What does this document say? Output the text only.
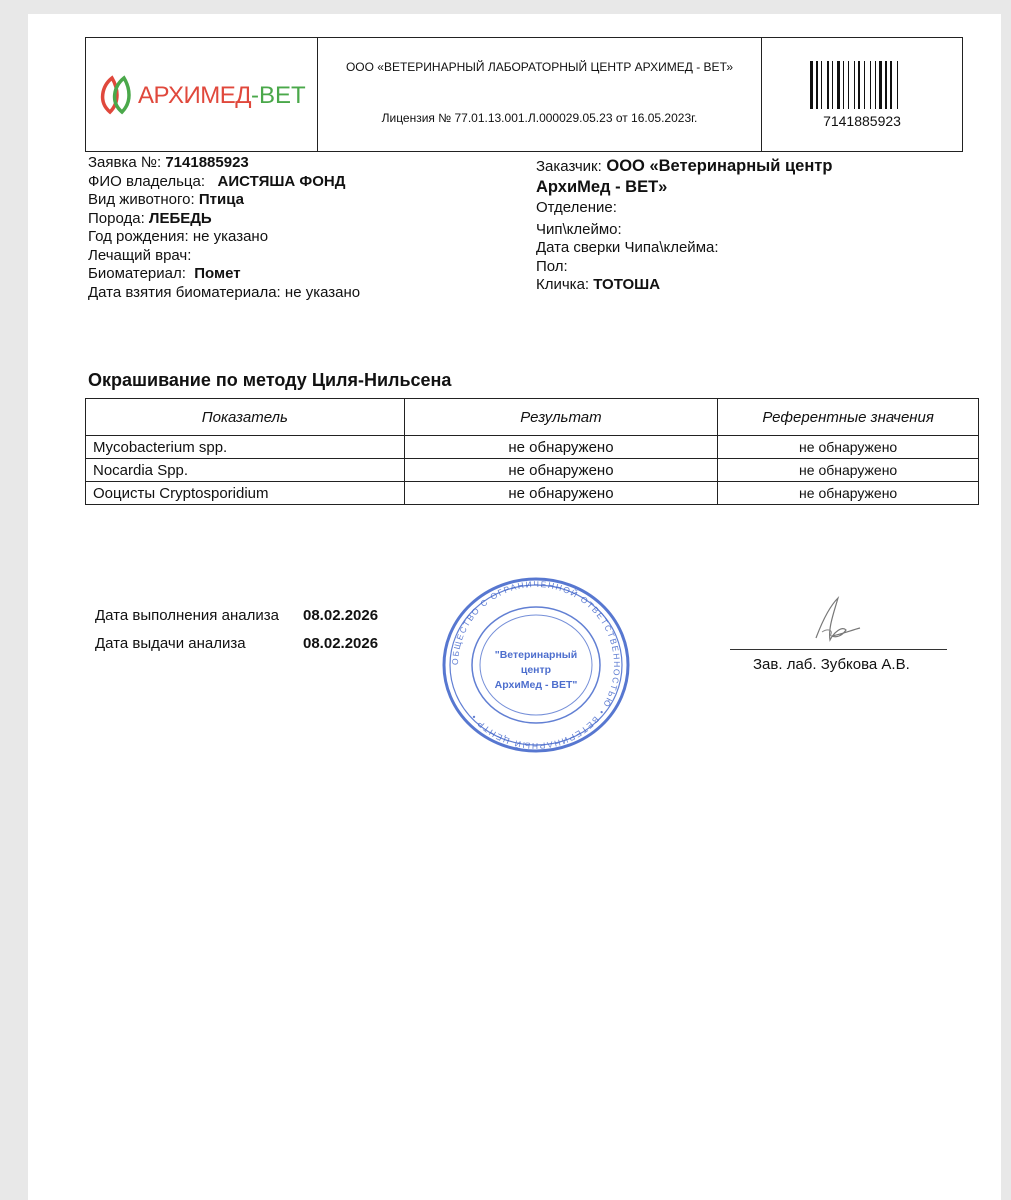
АРХИМЕД -ВЕТ
ООО «ВЕТЕРИНАРНЫЙ ЛАБОРАТОРНЫЙ ЦЕНТР АРХИМЕД - ВЕТ»
Лицензия № 77.01.13.001.Л.000029.05.23 от 16.05.2023г.	7141885923
Заявка №: 7141885923
ФИО владельца: АИСТЯША ФОНД
Вид животного: Птица
Порода: ЛЕБЕДЬ
Год рождения: не указано
Лечащий врач:
Биоматериал: Помет
Дата взятия биоматериала: не указано
Заказчик: ООО «Ветеринарный центр
АрхиМед - ВЕТ»
Отделение:
Чип\клеймо:
Дата сверки Чипа\клейма:
Пол:
Кличка: ТОТОША
Окрашивание по методу Циля-Нильсена
Показатель	Результат	Референтные значения
Mycobacterium spp.	не обнаружено	не обнаружено
Nocardia Spp.	не обнаружено	не обнаружено
Ооцисты Cryptosporidium	не обнаружено	не обнаружено
Дата выполнения анализа 08.02.2026
Дата выдачи анализа	08.02.2026
ОБЩЕСТВО С ОГРАНИЧЕННОЙ ОТВЕТСТВЕННОСТЬЮ • ВЕТЕРИНАРНЫЙ ЦЕНТР •
"Ветеринарный
центр
АрхиМед - ВЕТ"
Зав. лаб. Зубкова А.В.
